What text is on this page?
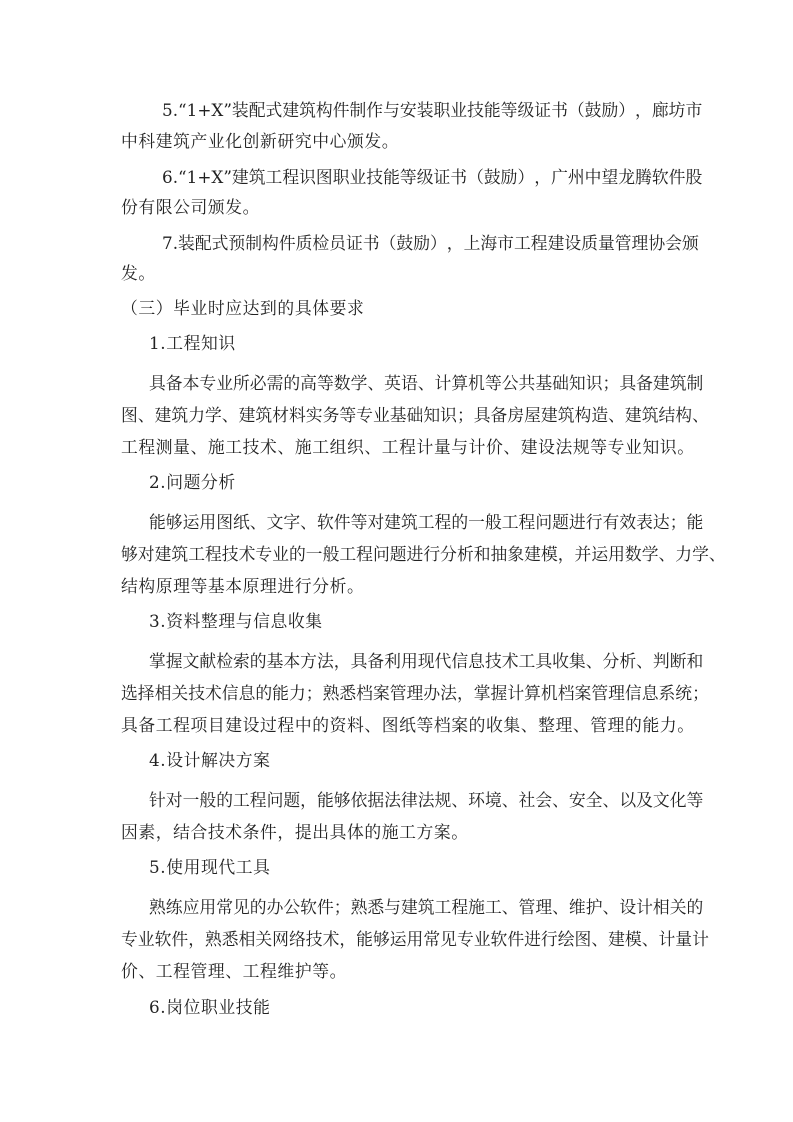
5 . “ 1 + X ” 装 配 式 建 筑 构 件 制 作 与 安 装 职 业 技 能 等 级 证 书 （ 鼓 励 ） ， 廊 坊 市
中科建筑产业化创新研究中心颁发。
6 . “ 1 + X ” 建 筑 工 程 识 图 职 业 技 能 等 级 证 书 （ 鼓 励 ） ， 广 州 中 望 龙 腾 软 件 股
份有限公司颁发。
7 . 装 配 式 预 制 构 件 质 检 员 证 书 （ 鼓 励 ） ， 上 海 市 工 程 建 设 质 量 管 理 协 会 颁
发。
（三）毕业时应达到的具体要求
1.工程知识
具 备 本 专 业 所 必 需 的 高 等 数 学 、 英 语 、 计 算 机 等 公 共 基 础 知 识 ； 具 备 建 筑 制
图 、 建 筑 力 学 、 建 筑 材 料 实 务 等 专 业 基 础 知 识 ； 具 备 房 屋 建 筑 构 造 、 建 筑 结 构 、
工程测量、施工技术、施工组织、工程计量与计价、建设法规等专业知识。
2.问题分析
能 够 运 用 图 纸 、 文 字 、 软 件 等 对 建 筑 工 程 的 一 般 工 程 问 题 进 行 有 效 表 达 ； 能
够 对 建 筑 工 程 技 术 专 业 的 一 般 工 程 问 题 进 行 分 析 和 抽 象 建 模 ， 并 运 用 数 学 、 力 学 、
结构原理等基本原理进行分析。
3.资料整理与信息收集
掌 握 文 献 检 索 的 基 本 方 法 ， 具 备 利 用 现 代 信 息 技 术 工 具 收 集 、 分 析 、 判 断 和
选 择 相 关 技 术 信 息 的 能 力 ； 熟 悉 档 案 管 理 办 法 ， 掌 握 计 算 机 档 案 管 理 信 息 系 统 ；
具备工程项目建设过程中的资料、图纸等档案的收集、整理、管理的能力。
4.设计解决方案
针 对 一 般 的 工 程 问 题 ， 能 够 依 据 法 律 法 规 、 环 境 、 社 会 、 安 全 、 以 及 文 化 等
因素，结合技术条件，提出具体的施工方案。
5.使用现代工具
熟 练 应 用 常 见 的 办 公 软 件 ； 熟 悉 与 建 筑 工 程 施 工 、 管 理 、 维 护 、 设 计 相 关 的
专 业 软 件 ， 熟 悉 相 关 网 络 技 术 ， 能 够 运 用 常 见 专 业 软 件 进 行 绘 图 、 建 模 、 计 量 计
价、工程管理、工程维护等。
6.岗位职业技能
